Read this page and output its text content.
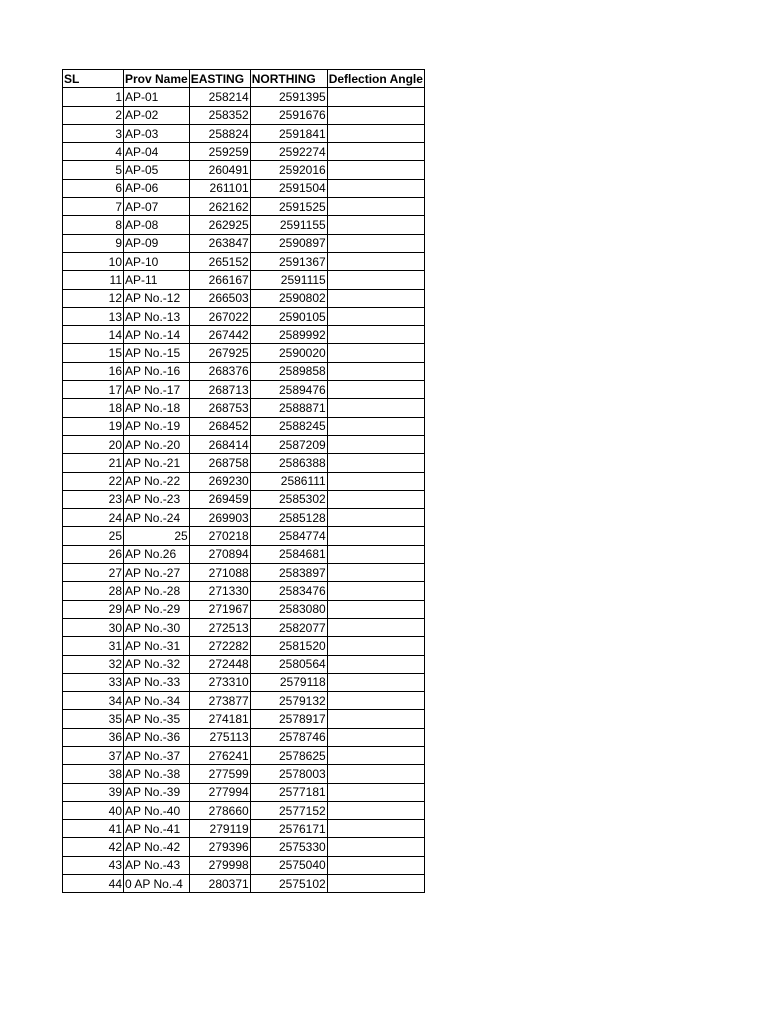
SL	Prov Name	EASTING	NORTHING	Deflection Angle
1	AP-01	258214	2591395	
2	AP-02	258352	2591676	
3	AP-03	258824	2591841	
4	AP-04	259259	2592274	
5	AP-05	260491	2592016	
6	AP-06	261101	2591504	
7	AP-07	262162	2591525	
8	AP-08	262925	2591155	
9	AP-09	263847	2590897	
10	AP-10	265152	2591367	
11	AP-11	266167	2591115	
12	AP No.-12	266503	2590802	
13	AP No.-13	267022	2590105	
14	AP No.-14	267442	2589992	
15	AP No.-15	267925	2590020	
16	AP No.-16	268376	2589858	
17	AP No.-17	268713	2589476	
18	AP No.-18	268753	2588871	
19	AP No.-19	268452	2588245	
20	AP No.-20	268414	2587209	
21	AP No.-21	268758	2586388	
22	AP No.-22	269230	2586111	
23	AP No.-23	269459	2585302	
24	AP No.-24	269903	2585128	
25	25	270218	2584774	
26	AP No.26	270894	2584681	
27	AP No.-27	271088	2583897	
28	AP No.-28	271330	2583476	
29	AP No.-29	271967	2583080	
30	AP No.-30	272513	2582077	
31	AP No.-31	272282	2581520	
32	AP No.-32	272448	2580564	
33	AP No.-33	273310	2579118	
34	AP No.-34	273877	2579132	
35	AP No.-35	274181	2578917	
36	AP No.-36	275113	2578746	
37	AP No.-37	276241	2578625	
38	AP No.-38	277599	2578003	
39	AP No.-39	277994	2577181	
40	AP No.-40	278660	2577152	
41	AP No.-41	279119	2576171	
42	AP No.-42	279396	2575330	
43	AP No.-43	279998	2575040	
44	0 AP No.-4	280371	2575102	
